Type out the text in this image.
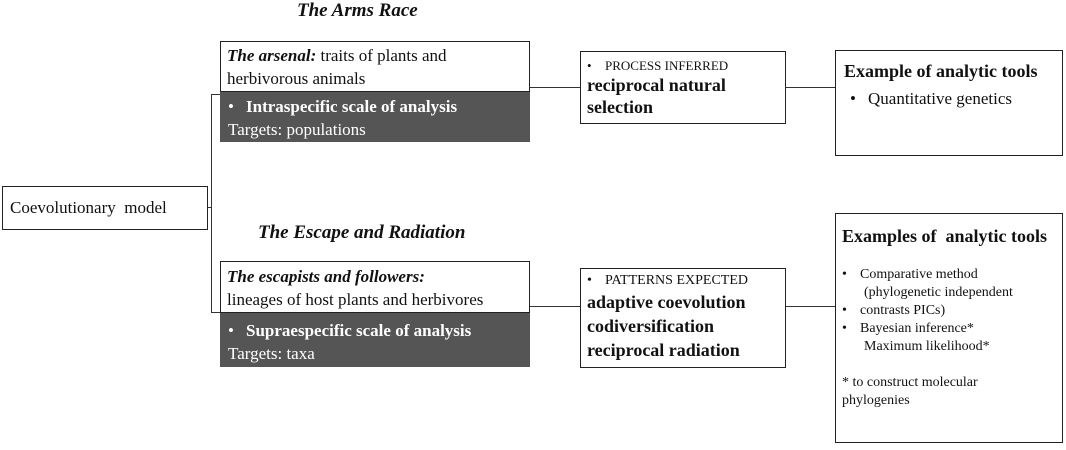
The Arms Race
The Escape and Radiation
Coevolutionary  model
The arsenal: traits of plants and herbivorous animals
• Intraspecific scale of analysis
Targets: populations
• PROCESS INFERRED
reciprocal natural selection
Example of analytic tools
• Quantitative genetics
The escapists and followers:
lineages of host plants and herbivores
• Supraespecific scale of analysis
Targets: taxa
• PATTERNS EXPECTED
adaptive coevolution
codiversification
reciprocal radiation
Examples of  analytic tools
• Comparative method
(phylogenetic independent
• contrasts PICs)
• Bayesian inference*
Maximum likelihood*
* to construct molecular phylogenies
